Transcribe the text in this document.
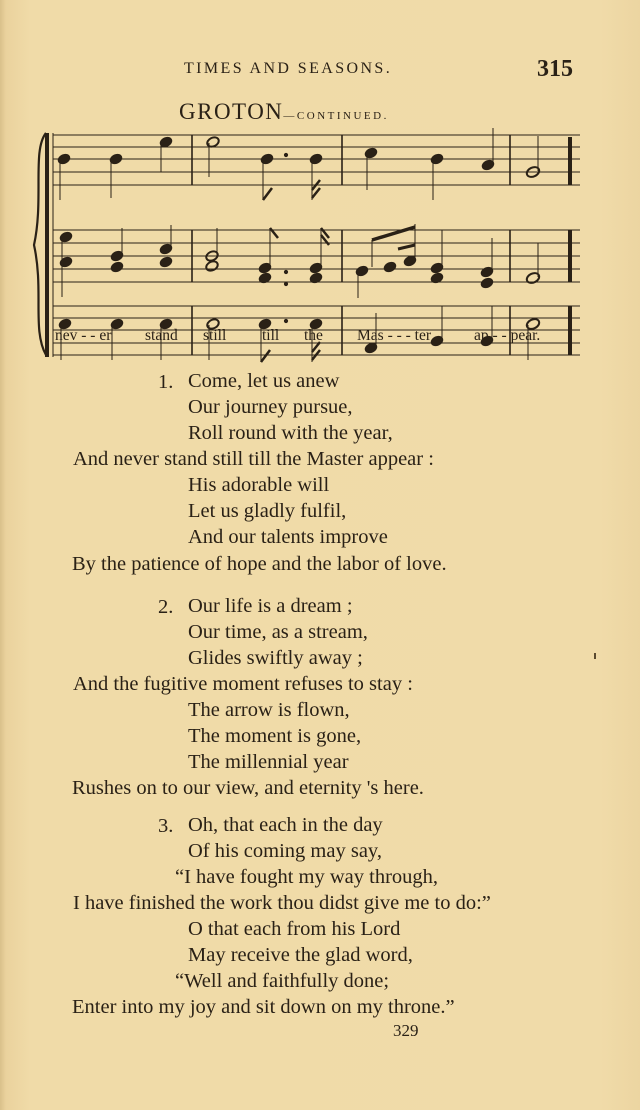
TIMES AND SEASONS.	315
GROTON—CONTINUED.
nev - - er stand still till the Mas - - - ter	ap - - pear.
1. Come, let us anew
Our journey pursue,
Roll round with the year,
And never stand still till the Master appear :
His adorable will
Let us gladly fulfil,
And our talents improve
By the patience of hope and the labor of love.
2. Our life is a dream ;
Our time, as a stream,
Glides swiftly away ;
And the fugitive moment refuses to stay :
The arrow is flown,
The moment is gone,
The millennial year
Rushes on to our view, and eternity 's here.
3. Oh, that each in the day
Of his coming may say,
“I have fought my way through,
I have finished the work thou didst give me to do:”
O that each from his Lord
May receive the glad word,
“Well and faithfully done;
Enter into my joy and sit down on my throne.”
329
